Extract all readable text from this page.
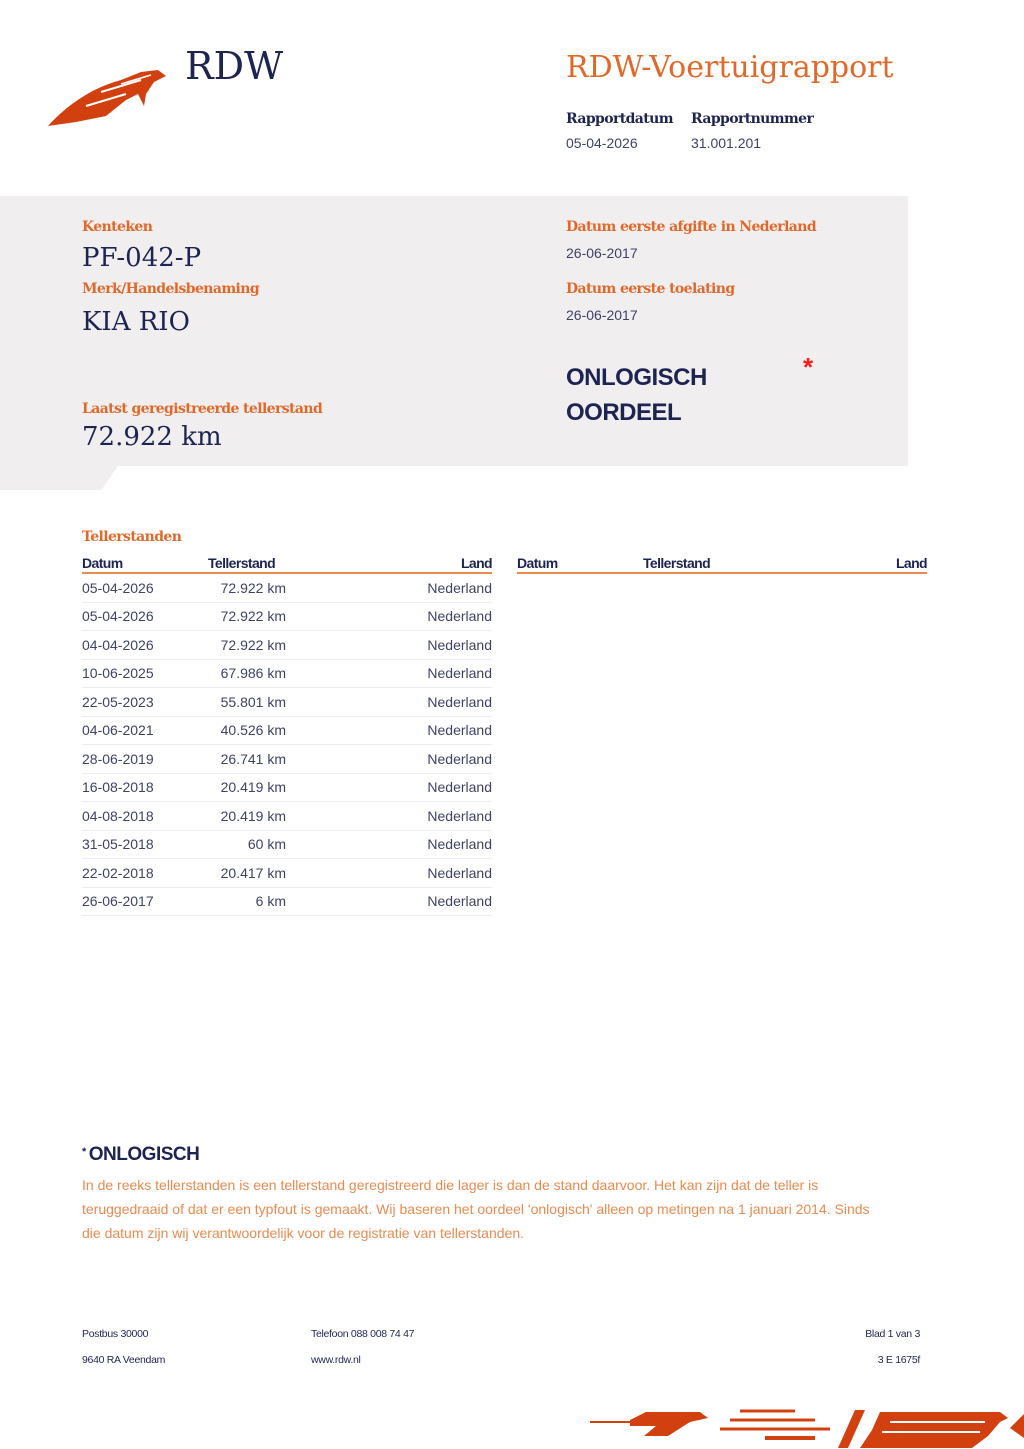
RDW	RDW-Voertuigrapport
Rapportdatum
05-04-2026
Rapportnummer
31.001.201
Kenteken
PF-042-P
Merk/Handelsbenaming
KIA RIO
Laatst geregistreerde tellerstand
72.922 km
Datum eerste afgifte in Nederland
26-06-2017
Datum eerste toelating
26-06-2017
ONLOGISCH
OORDEEL
*
Tellerstanden
Datum	Tellerstand	Land
05-04-2026	72.922 km	Nederland
05-04-2026	72.922 km	Nederland
04-04-2026	72.922 km	Nederland
10-06-2025	67.986 km	Nederland
22-05-2023	55.801 km	Nederland
04-06-2021	40.526 km	Nederland
28-06-2019	26.741 km	Nederland
16-08-2018	20.419 km	Nederland
04-08-2018	20.419 km	Nederland
31-05-2018	60 km	Nederland
22-02-2018	20.417 km	Nederland
26-06-2017	6 km	Nederland
Datum	Tellerstand	Land
* ONLOGISCH
In de reeks tellerstanden is een tellerstand geregistreerd die lager is dan de stand daarvoor. Het kan zijn dat de teller is teruggedraaid of dat er een typfout is gemaakt. Wij baseren het oordeel 'onlogisch' alleen op metingen na 1 januari 2014. Sinds die datum zijn wij verantwoordelijk voor de registratie van tellerstanden.
Postbus 30000
9640 RA Veendam
Telefoon 088 008 74 47
www.rdw.nl
Blad 1 van 3
3 E 1675f
